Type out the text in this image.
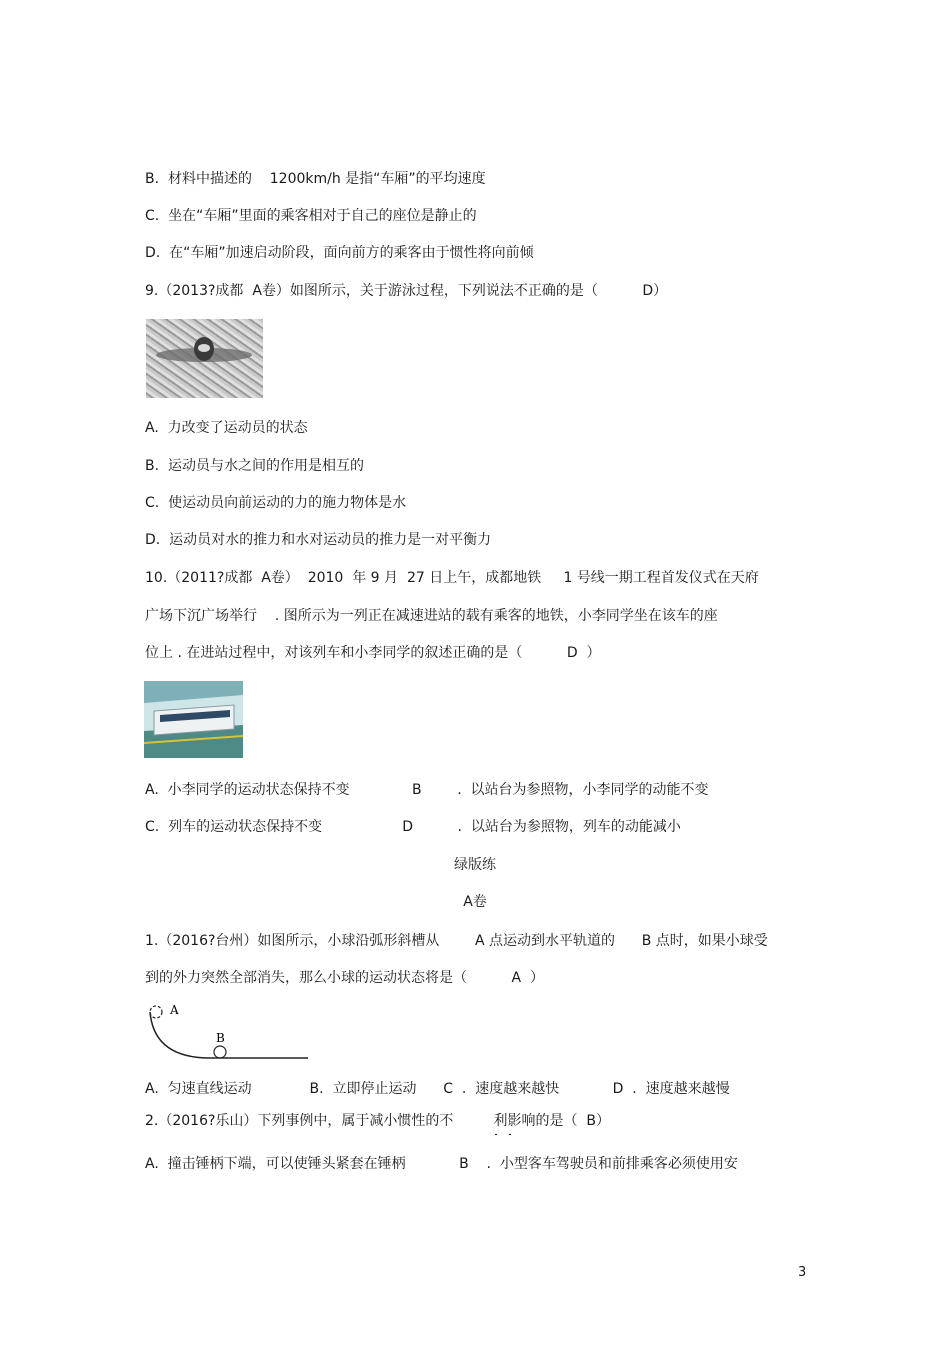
B.  材料中描述的    1200km/h 是指“车厢”的平均速度
C.  坐在“车厢”里面的乘客相对于自己的座位是静止的
D.  在“车厢”加速启动阶段，面向前方的乘客由于惯性将向前倾
9.（2013?成都  A卷）如图所示，关于游泳过程，下列说法不正确的是（          D）
A.  力改变了运动员的状态
B.  运动员与水之间的作用是相互的
C.  使运动员向前运动的力的施力物体是水
D.  运动员对水的推力和水对运动员的推力是一对平衡力
10.（2011?成都  A卷）  2010  年 9 月  27 日上午，成都地铁     1 号线一期工程首发仪式在天府
广场下沉广场举行    . 图所示为一列正在减速进站的载有乘客的地铁，小李同学坐在该车的座
位上 . 在进站过程中，对该列车和小李同学的叙述正确的是（          D  ）
A.  小李同学的运动状态保持不变              B        .  以站台为参照物，小李同学的动能不变
C.  列车的运动状态保持不变                  D          .  以站台为参照物，列车的动能减小
绿版练
A卷
1.（2016?台州）如图所示，小球沿弧形斜槽从        A 点运动到水平轨道的      B 点时，如果小球受
到的外力突然全部消失，那么小球的运动状态将是（          A  ）
A
B
A.  匀速直线运动             B.  立即停止运动      C  .  速度越来越快            D  .  速度越来越慢
2.（2016?乐山）下列事例中，属于减小惯性的不         利影响的是（  B）
A.  撞击锤柄下端，可以使锤头紧套在锤柄            B    .  小型客车驾驶员和前排乘客必须使用安
3
